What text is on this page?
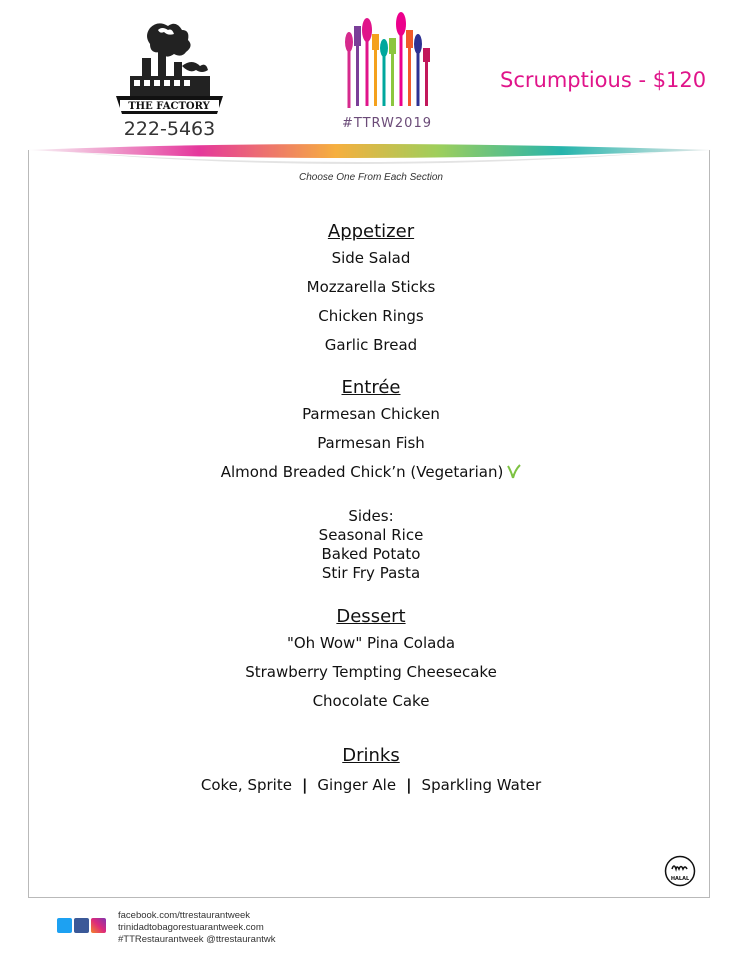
THE FACTORY
222-5463	#TTRW2019
Scrumptious - $120
Choose One From Each Section
Appetizer
Side Salad
Mozzarella Sticks
Chicken Rings
Garlic Bread
Entrée
Parmesan Chicken
Parmesan Fish
Almond Breaded Chick’n (Vegetarian)
Sides:
Seasonal Rice
Baked Potato
Stir Fry Pasta
Dessert
"Oh Wow" Pina Colada
Strawberry Tempting Cheesecake
Chocolate Cake
Drinks
Coke, Sprite | Ginger Ale | Sparkling Water
HALAL
facebook.com/ttrestaurantweek
trinidadtobagorestuarantweek.com
#TTRestaurantweek @ttrestaurantwk
